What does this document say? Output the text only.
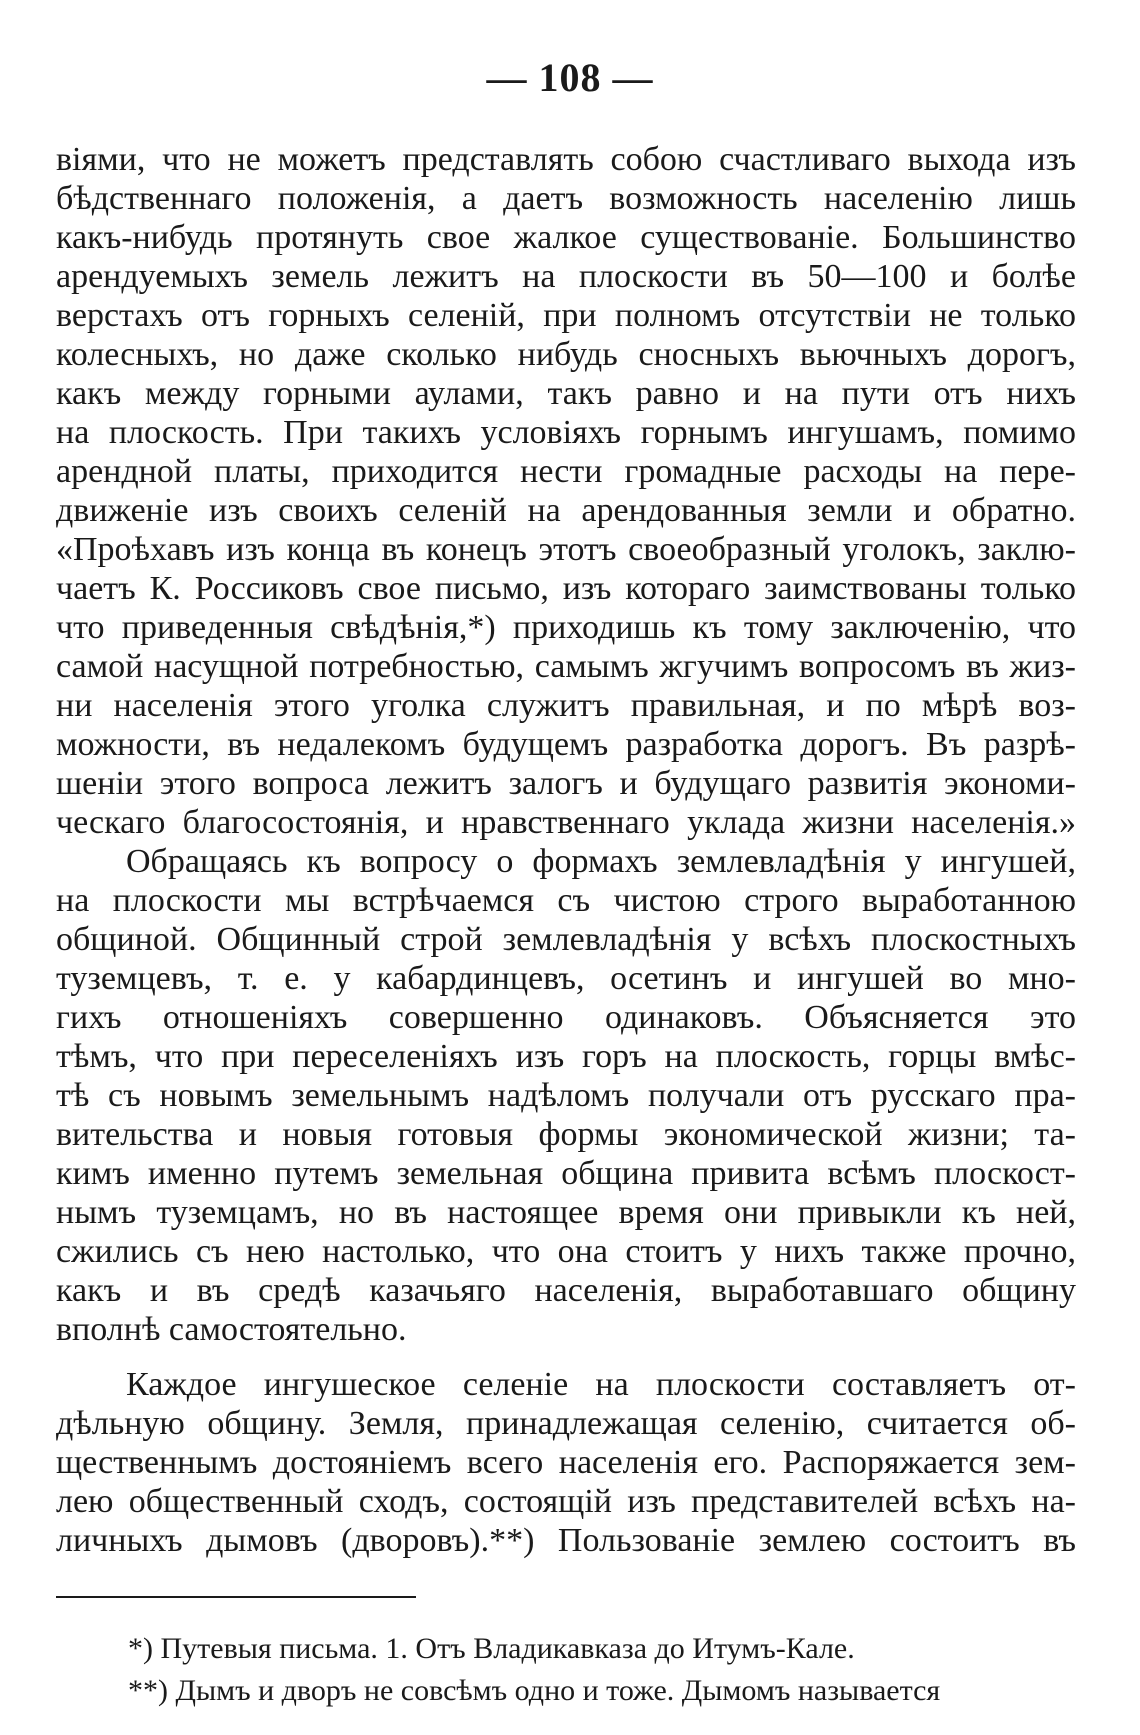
— 108 —
віями, что не можетъ представлять собою счастливаго выхода изъ
бѣдственнаго положенія, а даетъ возможность населенію лишь
какъ-нибудь протянуть свое жалкое существованіе. Большинство
арендуемыхъ земель лежитъ на плоскости въ 50—100 и болѣе
верстахъ отъ горныхъ селеній, при полномъ отсутствіи не только
колесныхъ, но даже сколько нибудь сносныхъ вьючныхъ дорогъ,
какъ между горными аулами, такъ равно и на пути отъ нихъ
на плоскость. При такихъ условіяхъ горнымъ ингушамъ, помимо
арендной платы, приходится нести громадные расходы на пере-
движеніе изъ своихъ селеній на арендованныя земли и обратно.
«Проѣхавъ изъ конца въ конецъ этотъ своеобразный уголокъ, заклю-
чаетъ К. Россиковъ свое письмо, изъ котораго заимствованы только
что приведенныя свѣдѣнія,*) приходишь къ тому заключенію, что
самой насущной потребностью, самымъ жгучимъ вопросомъ въ жиз-
ни населенія этого уголка служитъ правильная, и по мѣрѣ воз-
можности, въ недалекомъ будущемъ разработка дорогъ. Въ разрѣ-
шеніи этого вопроса лежитъ залогъ и будущаго развитія экономи-
ческаго благосостоянія, и нравственнаго уклада жизни населенія.»
Обращаясь къ вопросу о формахъ землевладѣнія у ингушей,
на плоскости мы встрѣчаемся съ чистою строго выработанною
общиной. Общинный строй землевладѣнія у всѣхъ плоскостныхъ
туземцевъ, т. е. у кабардинцевъ, осетинъ и ингушей во мно-
гихъ отношеніяхъ совершенно одинаковъ. Объясняется это
тѣмъ, что при переселеніяхъ изъ горъ на плоскость, горцы вмѣс-
тѣ съ новымъ земельнымъ надѣломъ получали отъ русскаго пра-
вительства и новыя готовыя формы экономической жизни; та-
кимъ именно путемъ земельная община привита всѣмъ плоскост-
нымъ туземцамъ, но въ настоящее время они привыкли къ ней,
сжились съ нею настолько, что она стоитъ у нихъ также прочно,
какъ и въ средѣ казачьяго населенія, выработавшаго общину
вполнѣ самостоятельно.
Каждое ингушеское селеніе на плоскости составляетъ от-
дѣльную общину. Земля, принадлежащая селенію, считается об-
щественнымъ достояніемъ всего населенія его. Распоряжается зем-
лею общественный сходъ, состоящій изъ представителей всѣхъ на-
личныхъ дымовъ (дворовъ).**) Пользованіе землею состоитъ въ
*) Путевыя письма. 1. Отъ Владикавказа до Итумъ-Кале.
**) Дымъ и дворъ не совсѣмъ одно и тоже. Дымомъ называется
